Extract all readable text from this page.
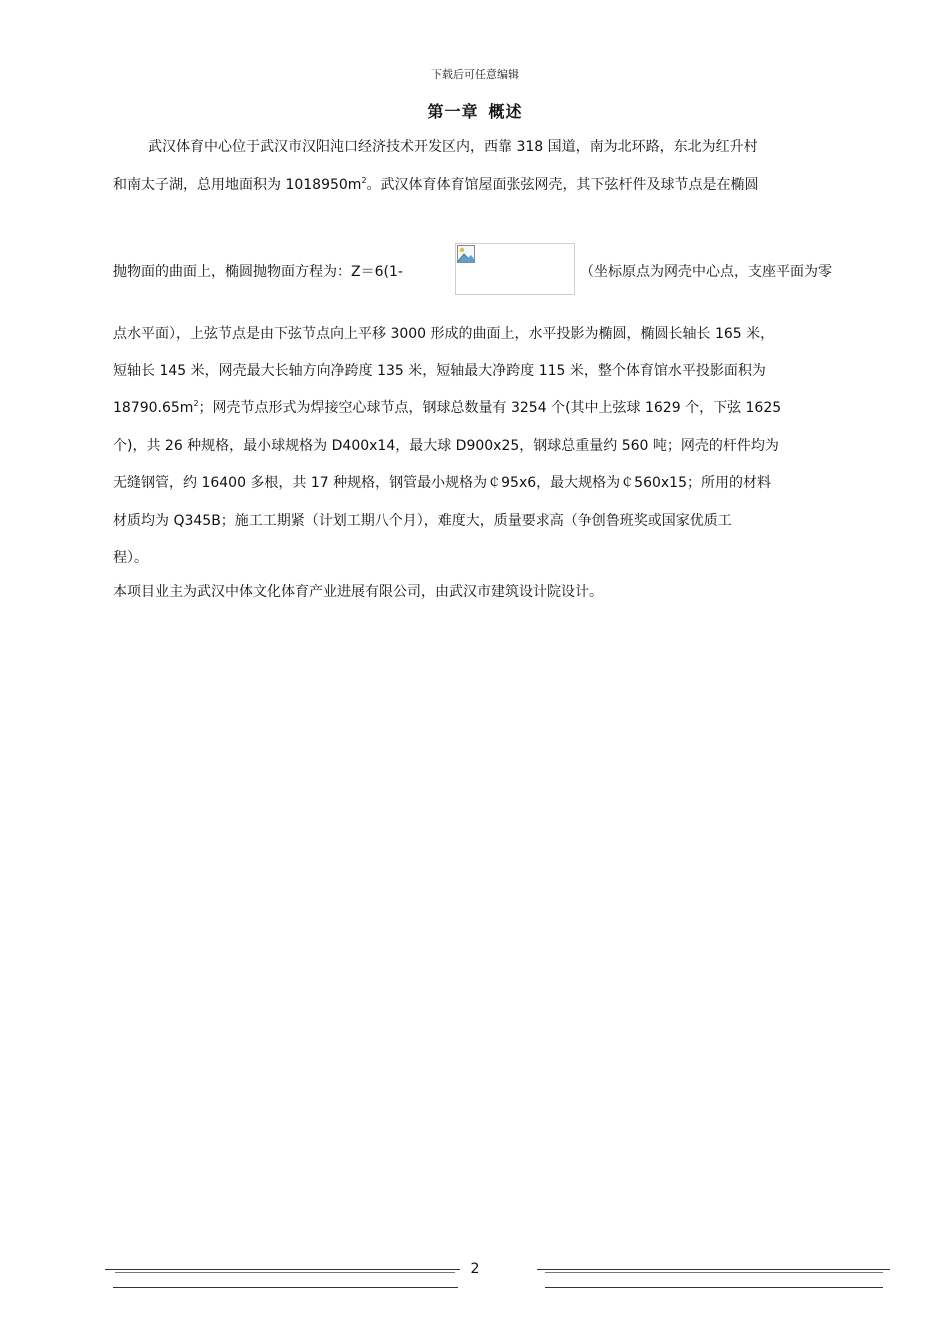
下载后可任意编辑
第一章 概述
武汉体育中心位于武汉市汉阳沌口经济技术开发区内，西靠 318 国道，南为北环路，东北为红升村
和南太子湖，总用地面积为 $1018950m^2$。武汉体育体育馆屋面张弦网壳，其下弦杆件及球节点是在椭圆
抛物面的曲面上，椭圆抛物面方程为：Z＝6(1-	（坐标原点为网壳中心点，支座平面为零
点水平面），上弦节点是由下弦节点向上平移 3000 形成的曲面上，水平投影为椭圆，椭圆长轴长 165 米，
短轴长 145 米，网壳最大长轴方向净跨度 135 米，短轴最大净跨度 115 米，整个体育馆水平投影面积为
$18790.65m^2$；网壳节点形式为焊接空心球节点，钢球总数量有 3254 个(其中上弦球 1629 个，下弦 1625
个)，共 26 种规格，最小球规格为 D400x14，最大球 D900x25，钢球总重量约 560 吨；网壳的杆件均为
无缝钢管，约 16400 多根，共 17 种规格，钢管最小规格为￠95x6，最大规格为￠560x15；所用的材料
材质均为 Q345B；施工工期紧（计划工期八个月），难度大，质量要求高（争创鲁班奖或国家优质工
程）。
本项目业主为武汉中体文化体育产业进展有限公司，由武汉市建筑设计院设计。
2
